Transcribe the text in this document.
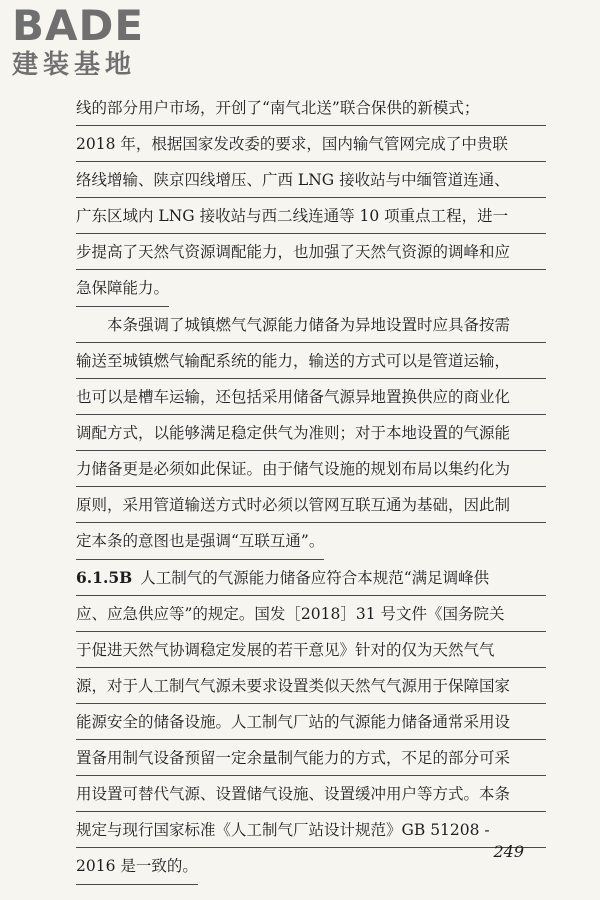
BADE
建装基地
线的部分用户市场，开创了“南气北送”联合保供的新模式；
2018 年，根据国家发改委的要求，国内输气管网完成了中贵联
络线增输、陕京四线增压、广西 LNG 接收站与中缅管道连通、
广东区域内 LNG 接收站与西二线连通等 10 项重点工程，进一
步提高了天然气资源调配能力，也加强了天然气资源的调峰和应
急保障能力。
本条强调了城镇燃气气源能力储备为异地设置时应具备按需
输送至城镇燃气输配系统的能力，输送的方式可以是管道运输，
也可以是槽车运输，还包括采用储备气源异地置换供应的商业化
调配方式，以能够满足稳定供气为准则；对于本地设置的气源能
力储备更是必须如此保证。由于储气设施的规划布局以集约化为
原则，采用管道输送方式时必须以管网互联互通为基础，因此制
定本条的意图也是强调“互联互通”。
6.1.5B 人工制气的气源能力储备应符合本规范“满足调峰供
应、应急供应等”的规定。国发［2018］31 号文件《国务院关
于促进天然气协调稳定发展的若干意见》针对的仅为天然气气
源，对于人工制气气源未要求设置类似天然气气源用于保障国家
能源安全的储备设施。人工制气厂站的气源能力储备通常采用设
置备用制气设备预留一定余量制气能力的方式，不足的部分可采
用设置可替代气源、设置储气设施、设置缓冲用户等方式。本条
规定与现行国家标准《人工制气厂站设计规范》GB 51208 -
2016 是一致的。
249
